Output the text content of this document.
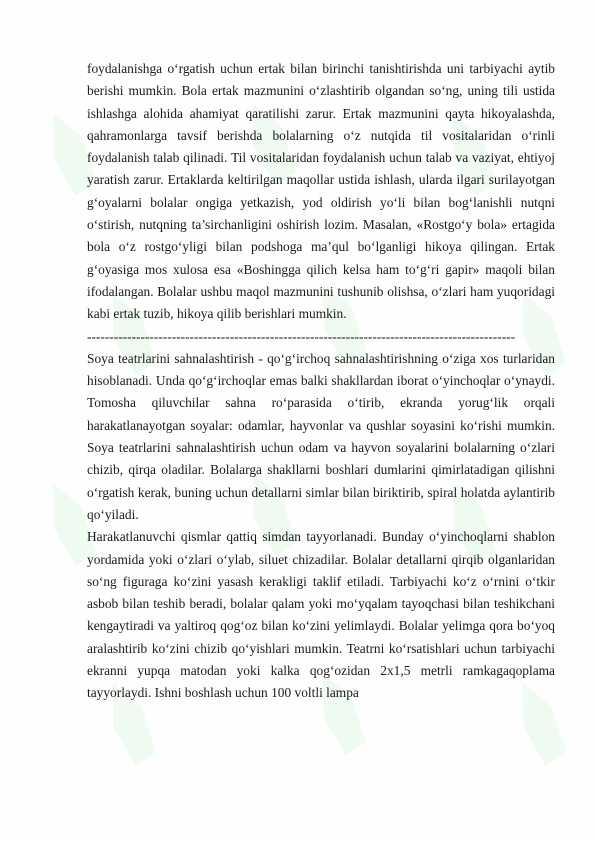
foydalanishga o‘rgatish uchun ertak bilan birinchi tanishtirishda uni tarbiyachi aytib berishi mumkin. Bola ertak mazmunini o‘zlashtirib olgandan so‘ng, uning tili ustida ishlashga alohida ahamiyat qaratilishi zarur. Ertak mazmunini qayta hikoyalashda, qahramonlarga tavsif berishda bolalarning o‘z nutqida til vositalaridan o‘rinli foydalanish talab qilinadi. Til vositalaridan foydalanish uchun talab va vaziyat, ehtiyoj yaratish zarur. Ertaklarda keltirilgan maqollar ustida ishlash, ularda ilgari surilayotgan g‘oyalarni bolalar ongiga yetkazish, yod oldirish yo‘li bilan bog‘lanishli nutqni o‘stirish, nutqning ta’sirchanligini oshirish lozim. Masalan, «Rostgo‘y bola» ertagida bola o‘z rostgo‘yligi bilan podshoga ma’qul bo‘lganligi hikoya qilingan. Ertak g‘oyasiga mos xulosa esa «Boshingga qilich kelsa ham to‘g‘ri gapir» maqoli bilan ifodalangan. Bolalar ushbu maqol mazmunini tushunib olishsa, o‘zlari ham yuqoridagi kabi ertak tuzib, hikoya qilib berishlari mumkin.

------------------------------------------------------------------------------------------------

Soya teatrlarini sahnalashtirish - qo‘g‘irchoq sahnalashtirishning o‘ziga xos turlaridan hisoblanadi. Unda qo‘g‘irchoqlar emas balki shakllardan iborat o‘yinchoqlar o‘ynaydi. Tomosha qiluvchilar sahna ro‘parasida o‘tirib, ekranda yorug‘lik orqali harakatlanayotgan soyalar: odamlar, hayvonlar va qushlar soyasini ko‘rishi mumkin. Soya teatrlarini sahnalashtirish uchun odam va hayvon soyalarini bolalarning o‘zlari chizib, qirqa oladilar. Bolalarga shakllarni boshlari dumlarini qimirlatadigan qilishni o‘rgatish kerak, buning uchun detallarni simlar bilan biriktirib, spiral holatda aylantirib qo‘yiladi.

Harakatlanuvchi qismlar qattiq simdan tayyorlanadi. Bunday o‘yinchoqlarni shablon yordamida yoki o‘zlari o‘ylab, siluet chizadilar. Bolalar detallarni qirqib olganlaridan so‘ng figuraga ko‘zini yasash kerakligi taklif etiladi. Tarbiyachi ko‘z o‘rnini o‘tkir asbob bilan teshib beradi, bolalar qalam yoki mo‘yqalam tayoqchasi bilan teshikchani kengaytiradi va yaltiroq qog‘oz bilan ko‘zini yelimlaydi. Bolalar yelimga qora bo‘yoq aralashtirib ko‘zini chizib qo‘yishlari mumkin. Teatrni ko‘rsatishlari uchun tarbiyachi ekranni yupqa matodan yoki kalka qog‘ozidan 2x1,5 metrli ramkagaqoplama tayyorlaydi. Ishni boshlash uchun 100 voltli lampa
